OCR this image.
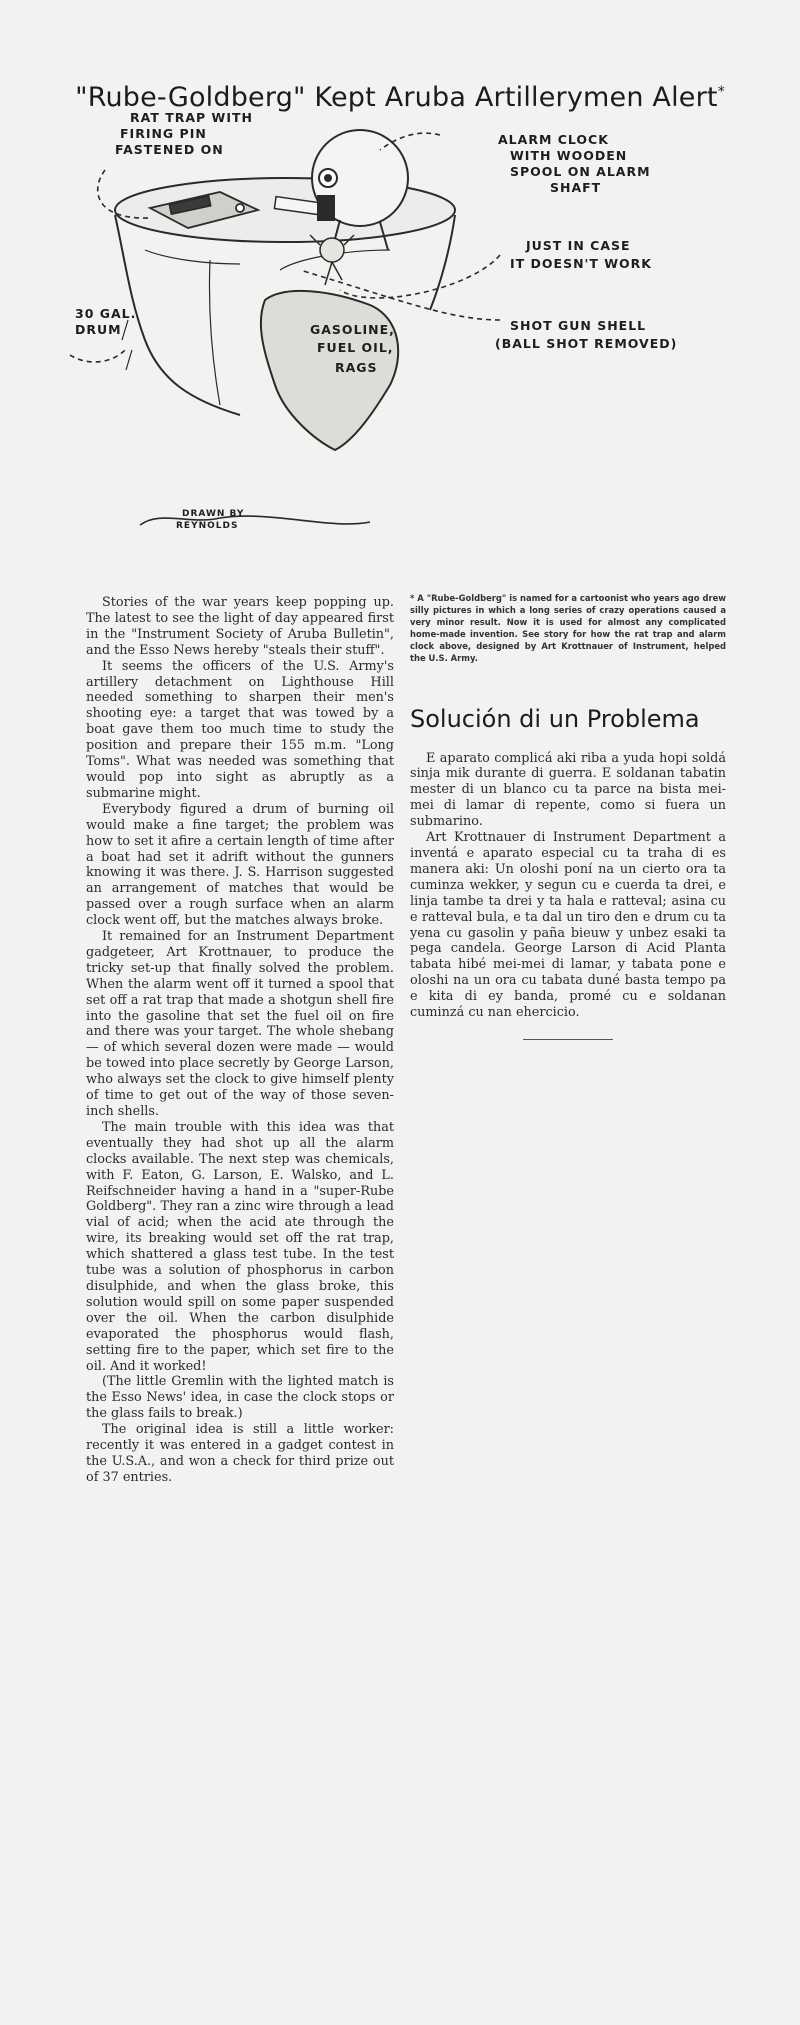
"Rube-Goldberg" Kept Aruba Artillerymen Alert*
RAT TRAP WITH
FIRING PIN
FASTENED ON
ALARM CLOCK
WITH WOODEN
SPOOL ON ALARM
SHAFT
JUST IN CASE
IT DOESN'T WORK
30 GAL.
DRUM	SHOT GUN SHELL
(BALL SHOT REMOVED)
GASOLINE,
FUEL OIL,
RAGS
DRAWN BY
REYNOLDS

Stories of the war years keep popping up. The latest to see the light of day appeared first in the "Instrument Society of Aruba Bulletin", and the Esso News hereby "steals their stuff".

It seems the officers of the U.S. Army's artillery detachment on Lighthouse Hill needed something to sharpen their men's shooting eye: a target that was towed by a boat gave them too much time to study the position and prepare their 155 m.m. "Long Toms". What was needed was something that would pop into sight as abruptly as a submarine might.

Everybody figured a drum of burning oil would make a fine target; the problem was how to set it afire a certain length of time after a boat had set it adrift without the gunners knowing it was there. J. S. Harrison suggested an arrangement of matches that would be passed over a rough surface when an alarm clock went off, but the matches always broke.

It remained for an Instrument Department gadgeteer, Art Krottnauer, to produce the tricky set-up that finally solved the problem. When the alarm went off it turned a spool that set off a rat trap that made a shotgun shell fire into the gasoline that set the fuel oil on fire and there was your target. The whole shebang — of which several dozen were made — would be towed into place secretly by George Larson, who always set the clock to give himself plenty of time to get out of the way of those seven-inch shells.

The main trouble with this idea was that eventually they had shot up all the alarm clocks available. The next step was chemicals, with F. Eaton, G. Larson, E. Walsko, and L. Reifschneider having a hand in a "super-Rube Goldberg". They ran a zinc wire through a lead vial of acid; when the acid ate through the wire, its breaking would set off the rat trap, which shattered a glass test tube. In the test tube was a solution of phosphorus in carbon disulphide, and when the glass broke, this solution would spill on some paper suspended over the oil. When the carbon disulphide evaporated the phosphorus would flash, setting fire to the paper, which set fire to the oil. And it worked!

(The little Gremlin with the lighted match is the Esso News' idea, in case the clock stops or the glass fails to break.)

The original idea is still a little worker: recently it was entered in a gadget contest in the U.S.A., and won a check for third prize out of 37 entries.

* A "Rube-Goldberg" is named for a cartoonist who years ago drew silly pictures in which a long series of crazy operations caused a very minor result. Now it is used for almost any complicated home-made invention. See story for how the rat trap and alarm clock above, designed by Art Krottnauer of Instrument, helped the U.S. Army.

Solución di un Problema

E aparato complicá aki riba a yuda hopi soldá sinja mik durante di guerra. E soldanan tabatin mester di un blanco cu ta parce na bista mei-mei di lamar di repente, como si fuera un submarino.

Art Krottnauer di Instrument Department a inventá e aparato especial cu ta traha di es manera aki: Un oloshi poní na un cierto ora ta cuminza wekker, y segun cu e cuerda ta drei, e linja tambe ta drei y ta hala e ratteval; asina cu e ratteval bula, e ta dal un tiro den e drum cu ta yena cu gasolin y paña bieuw y unbez esaki ta pega candela. George Larson di Acid Planta tabata hibé mei-mei di lamar, y tabata pone e oloshi na un ora cu tabata duné basta tempo pa e kita di ey banda, promé cu e soldanan cuminzá cu nan ehercicio.
